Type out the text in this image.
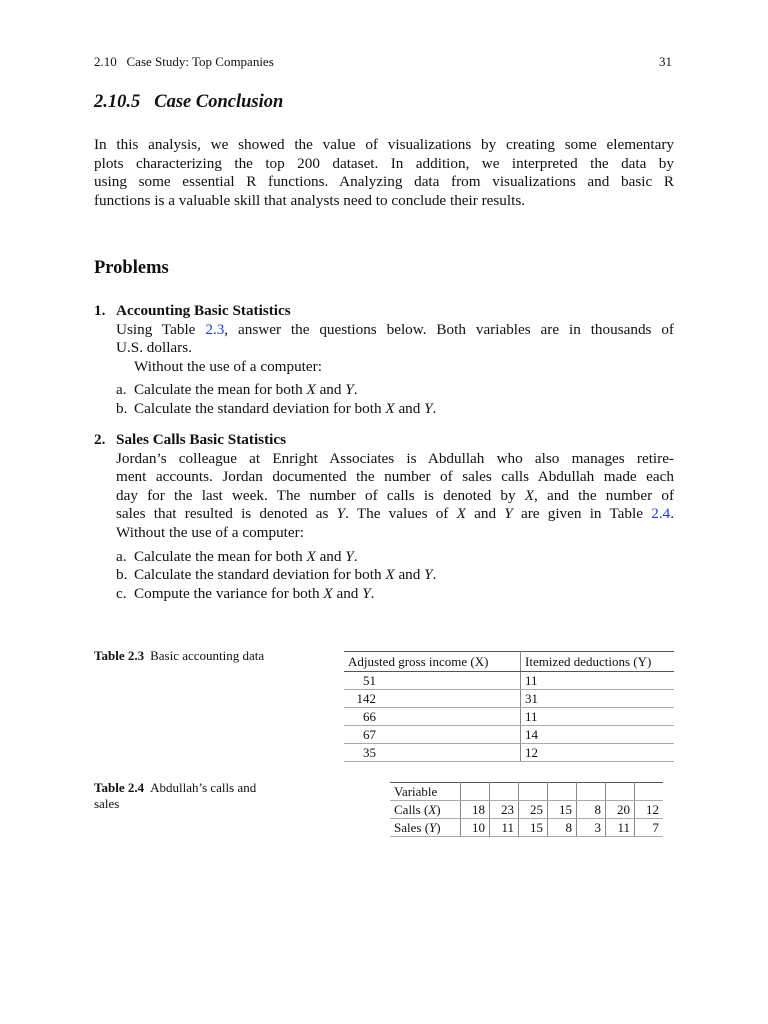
2.10   Case Study: Top Companies	31
2.10.5 Case Conclusion
In this analysis, we showed the value of visualizations by creating some elementary
plots characterizing the top 200 dataset. In addition, we interpreted the data by
using some essential R functions. Analyzing data from visualizations and basic R
functions is a valuable skill that analysts need to conclude their results.
Problems
1. Accounting Basic Statistics
Using Table 2.3, answer the questions below. Both variables are in thousands of
U.S. dollars.
Without the use of a computer:
a. Calculate the mean for both X and Y.
b. Calculate the standard deviation for both X and Y.
2. Sales Calls Basic Statistics
Jordan’s colleague at Enright Associates is Abdullah who also manages retire-
ment accounts. Jordan documented the number of sales calls Abdullah made each
day for the last week. The number of calls is denoted by X, and the number of
sales that resulted is denoted as Y. The values of X and Y are given in Table 2.4.
Without the use of a computer:
a. Calculate the mean for both X and Y.
b. Calculate the standard deviation for both X and Y.
c. Compute the variance for both X and Y.
Table 2.3 Basic accounting data	Adjusted gross income (X)	Itemized deductions (Y)
51	11
142	31
66	11
67	14
35	12
Table 2.4 Abdullah’s calls and sales
Variable							
Calls (X)	18	23	25	15	8	20	12
Sales (Y)	10	11	15	8	3	11	7
